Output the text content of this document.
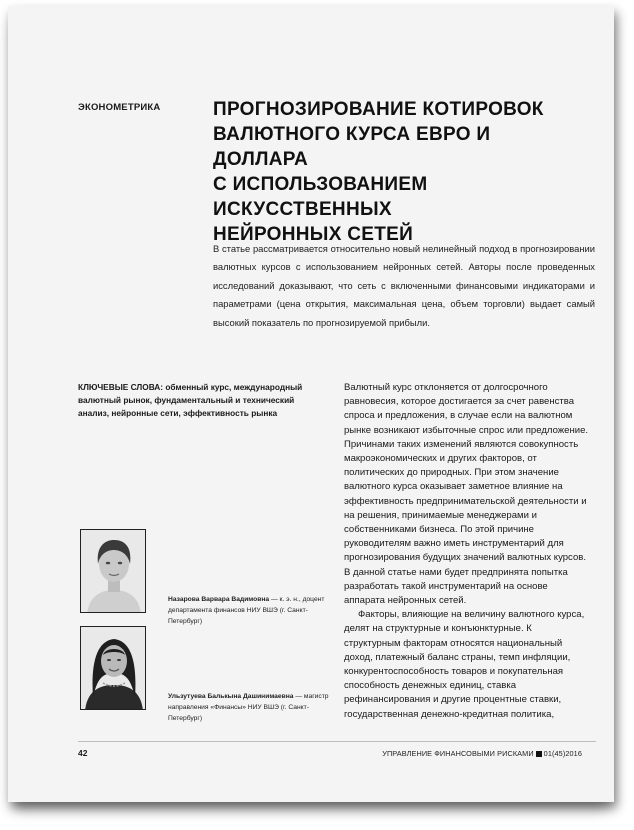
ЭКОНОМЕТРИКА	ПРОГНОЗИРОВАНИЕ КОТИРОВОК
ВАЛЮТНОГО КУРСА ЕВРО И ДОЛЛАРА
С ИСПОЛЬЗОВАНИЕМ ИСКУССТВЕННЫХ
НЕЙРОННЫХ СЕТЕЙ

В статье рассматривается относительно новый нелинейный подход в прогнозировании валютных курсов с использованием нейронных сетей. Авторы после проведенных исследований доказывают, что сеть с включенными финансовыми индикаторами и параметрами (цена открытия, максимальная цена, объем торговли) выдает самый высокий показатель по прогнозируемой прибыли.

КЛЮЧЕВЫЕ СЛОВА: обменный курс, международный валютный рынок, фундаментальный и технический анализ, нейронные сети, эффективность рынка

Валютный курс отклоняется от долгосрочного равновесия, которое достигается за счет равенства спроса и предложения, в случае если на валютном рынке возникают избыточные спрос или предложение. Причинами таких изменений являются совокупность макроэкономических и других факторов, от политических до природных. При этом значение валютного курса оказывает заметное влияние на эффективность предпринимательской деятельности и на решения, принимаемые менеджерами и собственниками бизнеса. По этой причине руководителям важно иметь инструментарий для прогнозирования будущих значений валютных курсов. В данной статье нами будет предпринята попытка разработать такой инструментарий на основе аппарата нейронных сетей.

Факторы, влияющие на величину валютного курса, делят на структурные и конъюнктурные. К структурным факторам относятся национальный доход, платежный баланс страны, темп инфляции, конкурентоспособность товаров и покупательная способность денежных единиц, ставка рефинансирования и другие процентные ставки, государственная денежно-кредитная политика,

Назарова Варвара Вадимовна — к. э. н., доцент
департамента финансов НИУ ВШЭ (г. Санкт-Петербург)
Ульзутуева Балькына Дашинимаевна — магистр
направления «Финансы» НИУ ВШЭ (г. Санкт-Петербург)
42	УПРАВЛЕНИЕ ФИНАНСОВЫМИ РИСКАМИ 01(45)2016
